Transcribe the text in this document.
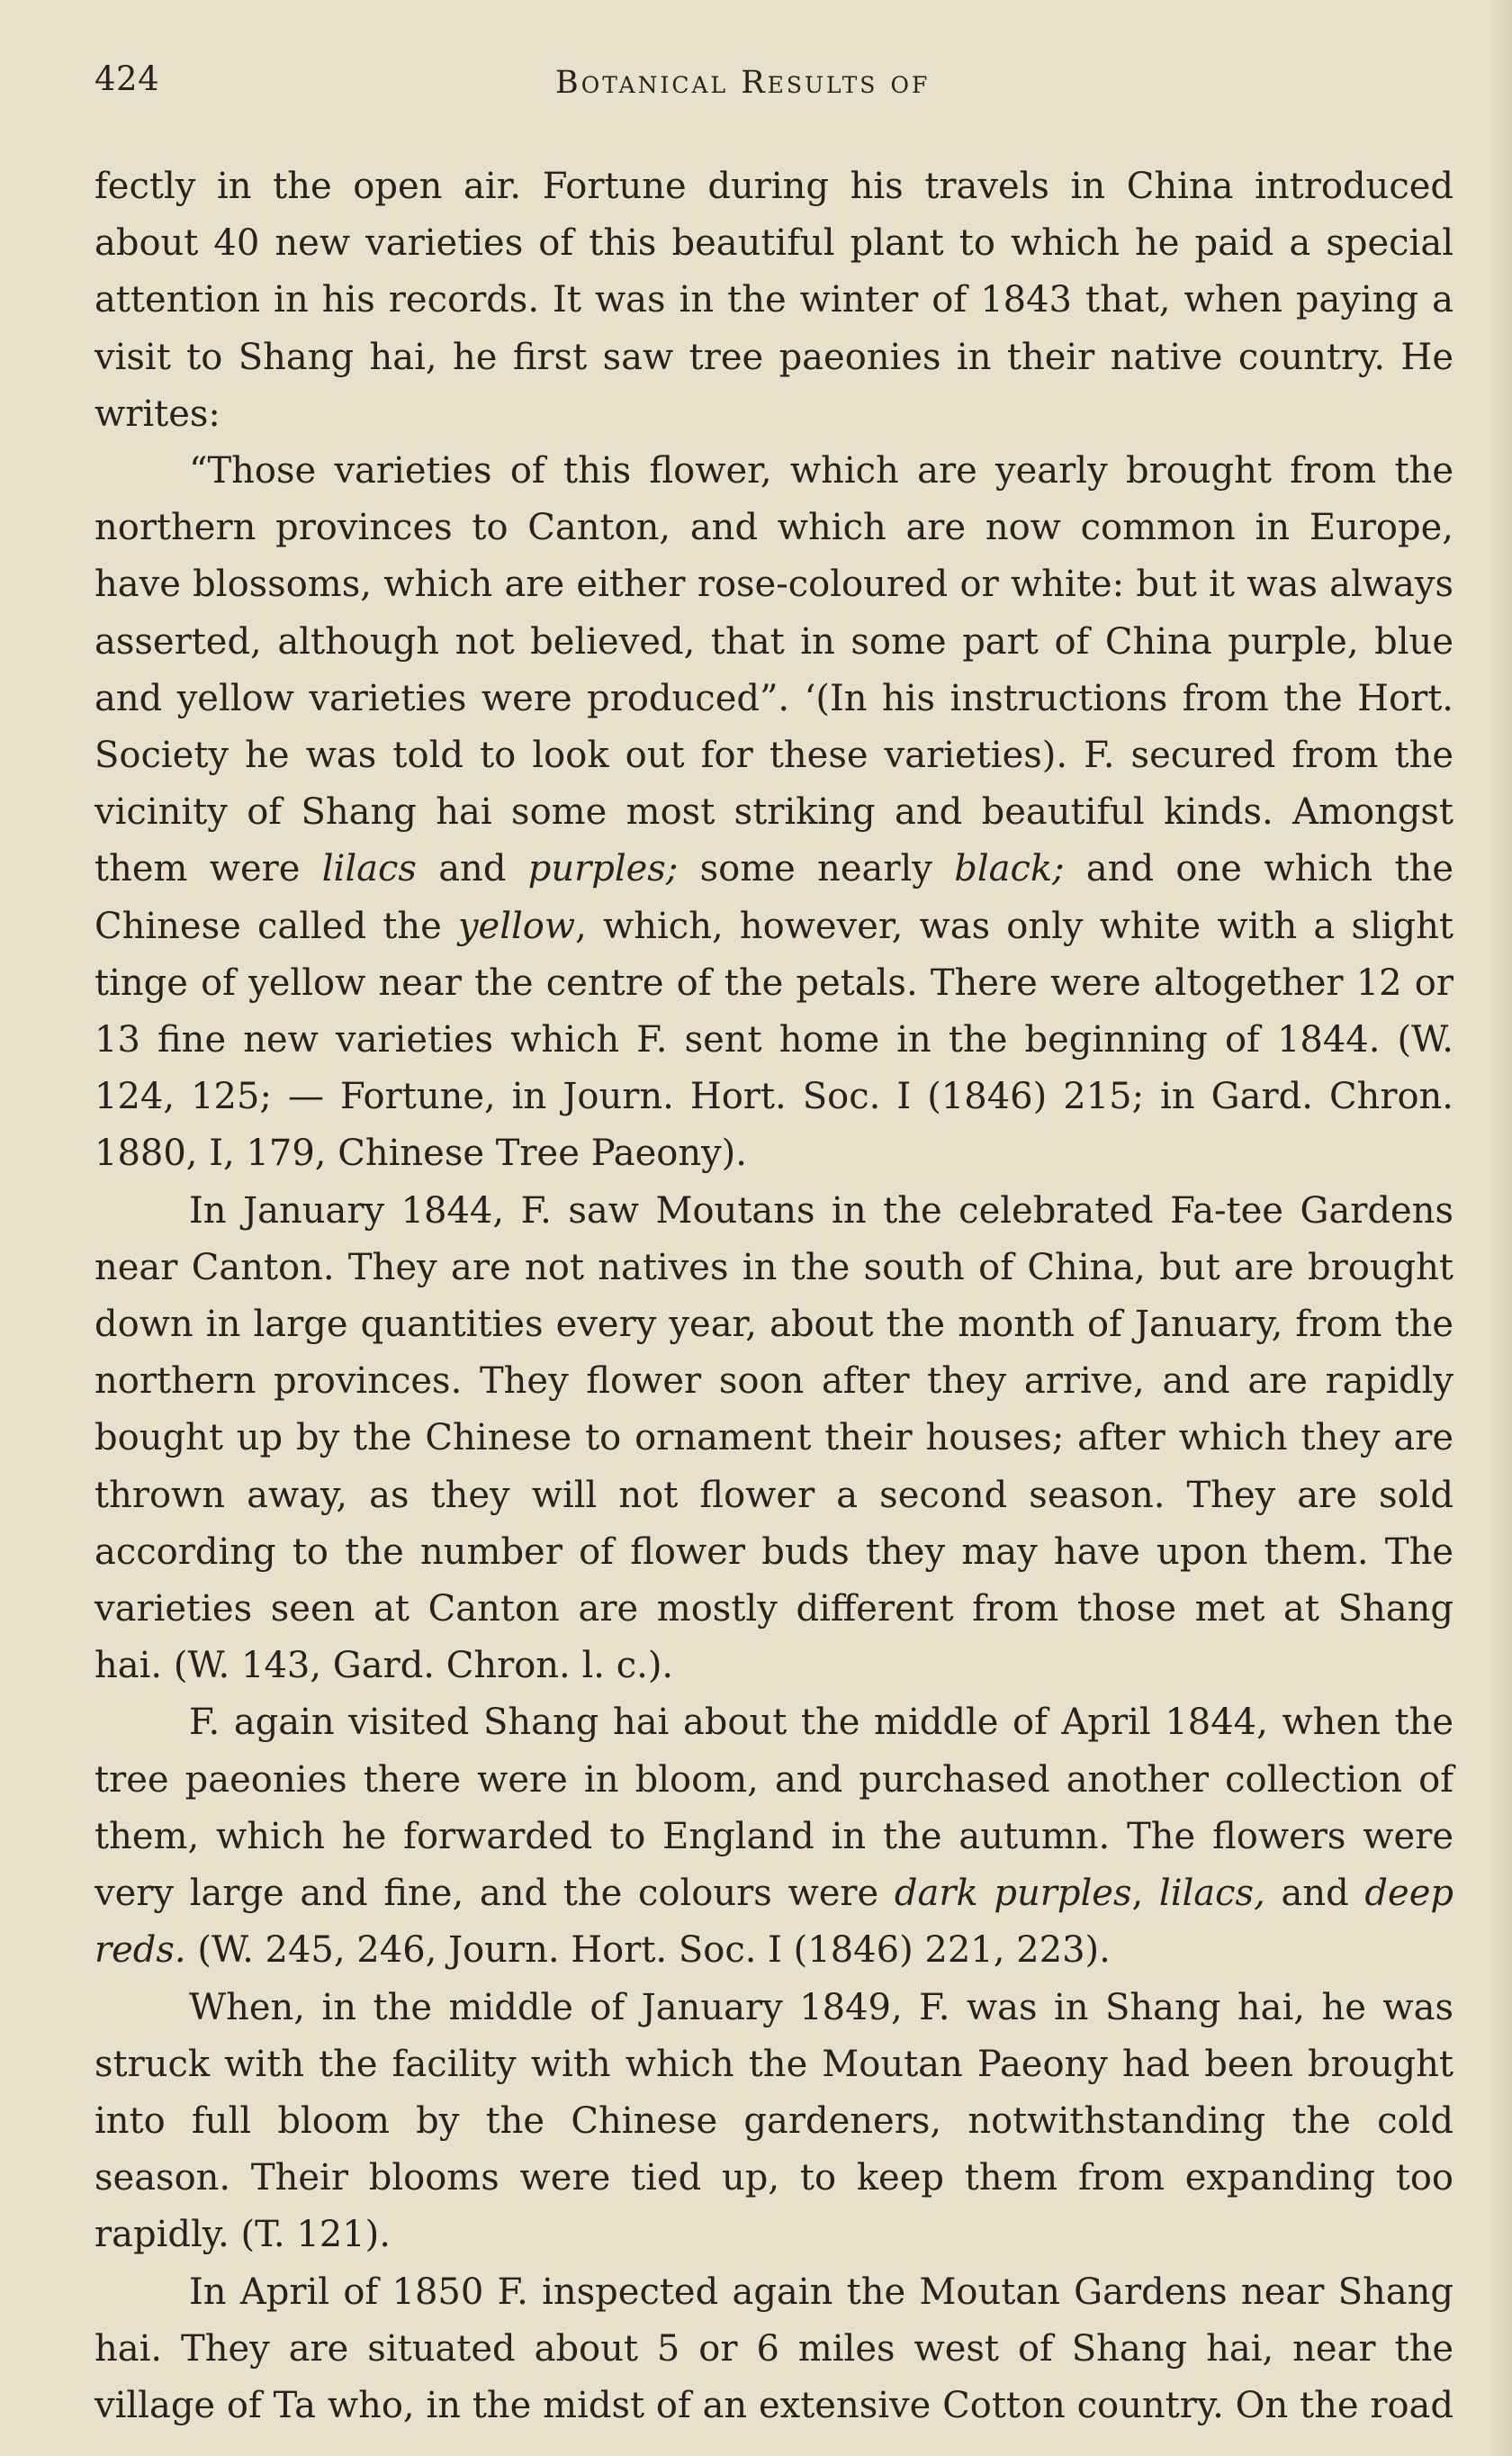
424	Botanical Results of

fectly in the open air. Fortune during his travels in China introduced about 40 new varieties of this beautiful plant to which he paid a special attention in his records. It was in the winter of 1843 that, when paying a visit to Shang hai, he first saw tree paeonies in their native country. He writes:

“Those varieties of this flower, which are yearly brought from the northern provinces to Canton, and which are now common in Europe, have blossoms, which are either rose-coloured or white: but it was always asserted, although not believed, that in some part of China purple, blue and yellow varieties were produced”. ‘(In his instructions from the Hort. Society he was told to look out for these varieties). F. secured from the vicinity of Shang hai some most striking and beautiful kinds. Amongst them were lilacs and purples; some nearly black; and one which the Chinese called the yellow, which, however, was only white with a slight tinge of yellow near the centre of the petals. There were altogether 12 or 13 fine new varieties which F. sent home in the beginning of 1844. (W. 124, 125; — Fortune, in Journ. Hort. Soc. I (1846) 215; in Gard. Chron. 1880, I, 179, Chinese Tree Paeony).

In January 1844, F. saw Moutans in the celebrated Fa-tee Gardens near Canton. They are not natives in the south of China, but are brought down in large quantities every year, about the month of January, from the northern provinces. They flower soon after they arrive, and are rapidly bought up by the Chinese to ornament their houses; after which they are thrown away, as they will not flower a second season. They are sold according to the number of flower buds they may have upon them. The varieties seen at Canton are mostly different from those met at Shang hai. (W. 143, Gard. Chron. l. c.).

F. again visited Shang hai about the middle of April 1844, when the tree paeonies there were in bloom, and purchased another collection of them, which he forwarded to England in the autumn. The flowers were very large and fine, and the colours were dark purples, lilacs, and deep reds. (W. 245, 246, Journ. Hort. Soc. I (1846) 221, 223).

When, in the middle of January 1849, F. was in Shang hai, he was struck with the facility with which the Moutan Paeony had been brought into full bloom by the Chinese gardeners, notwithstanding the cold season. Their blooms were tied up, to keep them from expanding too rapidly. (T. 121).

In April of 1850 F. inspected again the Moutan Gardens near Shang hai. They are situated about 5 or 6 miles west of Shang hai, near the village of Ta who, in the midst of an extensive Cotton country. On the road
